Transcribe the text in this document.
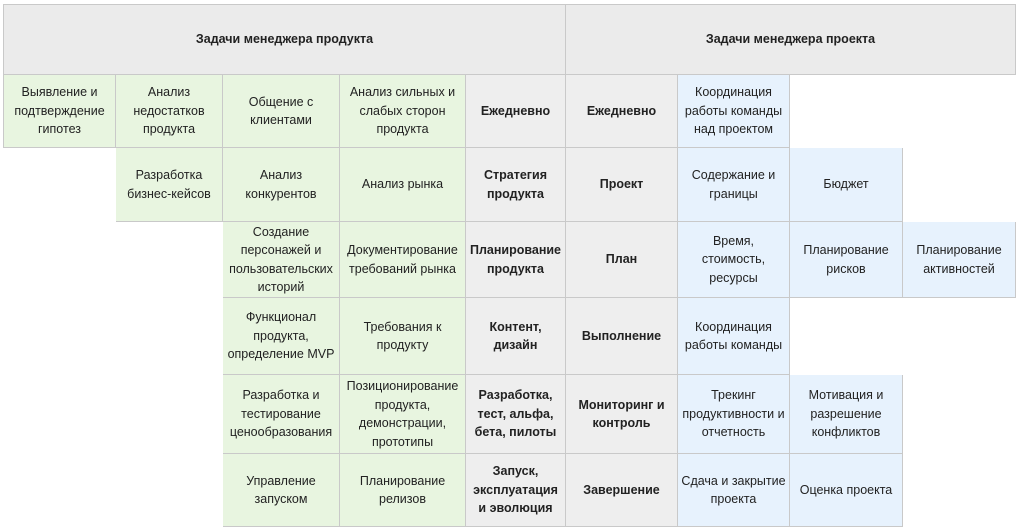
Задачи менеджера продукта	Задачи менеджера проекта
Выявление и подтверждение гипотез
Анализ недостатков продукта
Общение с клиентами
Анализ сильных и слабых сторон продукта
Ежедневно	Ежедневно
Координация работы команды над проектом
Разработка бизнес-кейсов
Анализ конкурентов
Анализ рынка
Стратегия продукта
Проект
Содержание и границы
Бюджет
Создание персонажей и пользовательских историй
Документирование требований рынка
Планирование продукта
План
Время, стоимость, ресурсы
Планирование рисков
Планирование активностей
Функционал продукта, определение MVP
Требования к продукту
Контент, дизайн
Выполнение
Координация работы команды
Разработка и тестирование ценообразования
Позиционирование продукта, демонстрации, прототипы
Разработка, тест, альфа, бета, пилоты
Мониторинг и контроль
Трекинг продуктивности и отчетность
Мотивация и разрешение конфликтов
Управление запуском
Планирование релизов
Запуск, эксплуатация и эволюция
Завершение
Сдача и закрытие проекта
Оценка проекта
